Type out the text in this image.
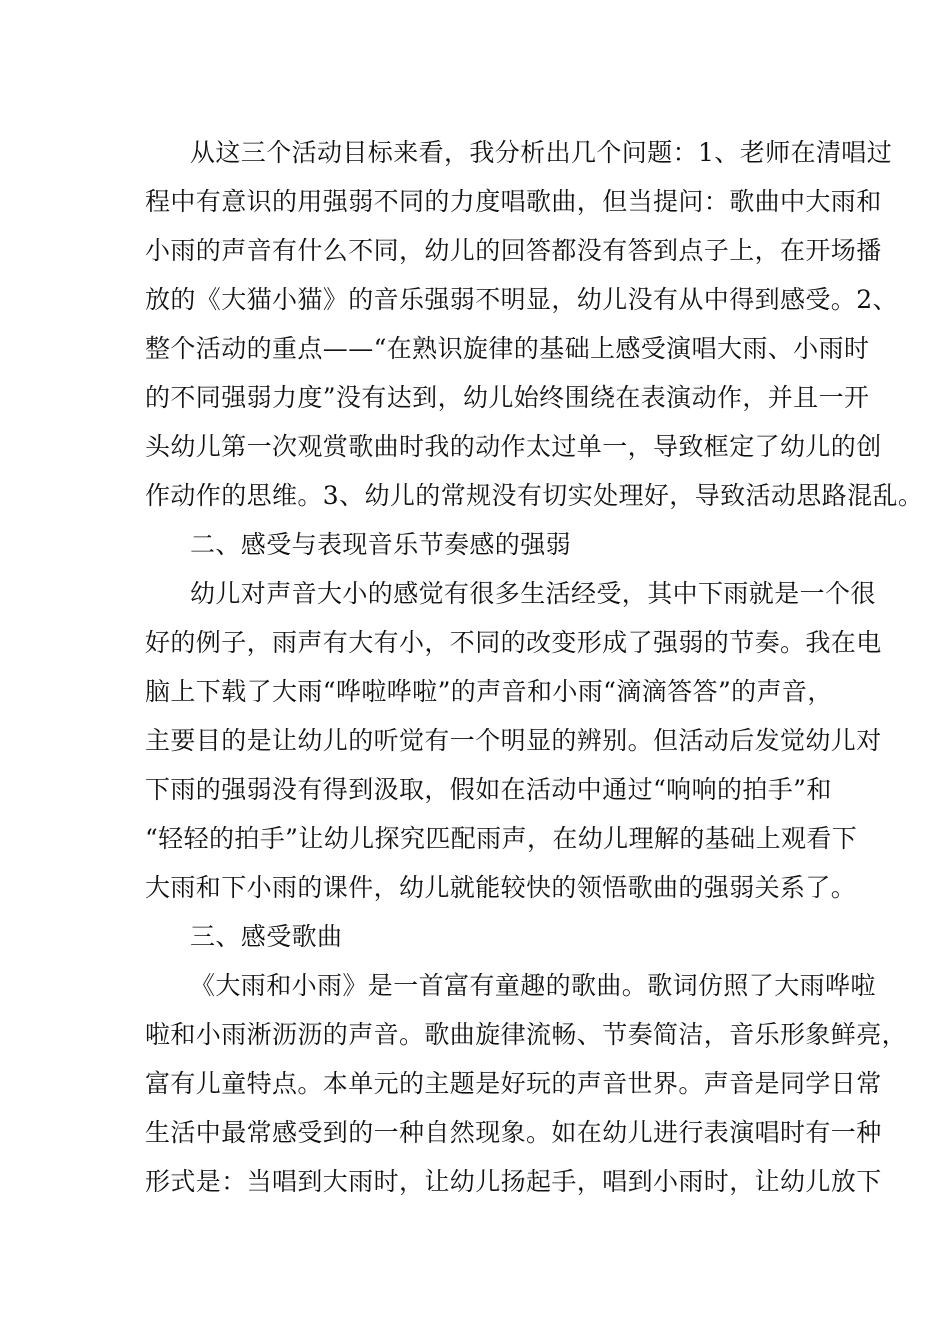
从这三个活动目标来看，我分析出几个问题：1、老师在清唱过
程中有意识的用强弱不同的力度唱歌曲，但当提问：歌曲中大雨和
小雨的声音有什么不同，幼儿的回答都没有答到点子上，在开场播
放的《大猫小猫》的音乐强弱不明显，幼儿没有从中得到感受。2、
整个活动的重点——“在熟识旋律的基础上感受演唱大雨、小雨时
的不同强弱力度”没有达到，幼儿始终围绕在表演动作，并且一开
头幼儿第一次观赏歌曲时我的动作太过单一，导致框定了幼儿的创
作动作的思维。3、幼儿的常规没有切实处理好，导致活动思路混乱。
二、感受与表现音乐节奏感的强弱
幼儿对声音大小的感觉有很多生活经受，其中下雨就是一个很
好的例子，雨声有大有小，不同的改变形成了强弱的节奏。我在电
脑上下载了大雨“哗啦哗啦”的声音和小雨“滴滴答答”的声音，
主要目的是让幼儿的听觉有一个明显的辨别。但活动后发觉幼儿对
下雨的强弱没有得到汲取，假如在活动中通过“响响的拍手”和
“轻轻的拍手”让幼儿探究匹配雨声，在幼儿理解的基础上观看下
大雨和下小雨的课件，幼儿就能较快的领悟歌曲的强弱关系了。
三、感受歌曲
《大雨和小雨》是一首富有童趣的歌曲。歌词仿照了大雨哗啦
啦和小雨淅沥沥的声音。歌曲旋律流畅、节奏简洁，音乐形象鲜亮，
富有儿童特点。本单元的主题是好玩的声音世界。声音是同学日常
生活中最常感受到的一种自然现象。如在幼儿进行表演唱时有一种
形式是：当唱到大雨时，让幼儿扬起手，唱到小雨时，让幼儿放下
